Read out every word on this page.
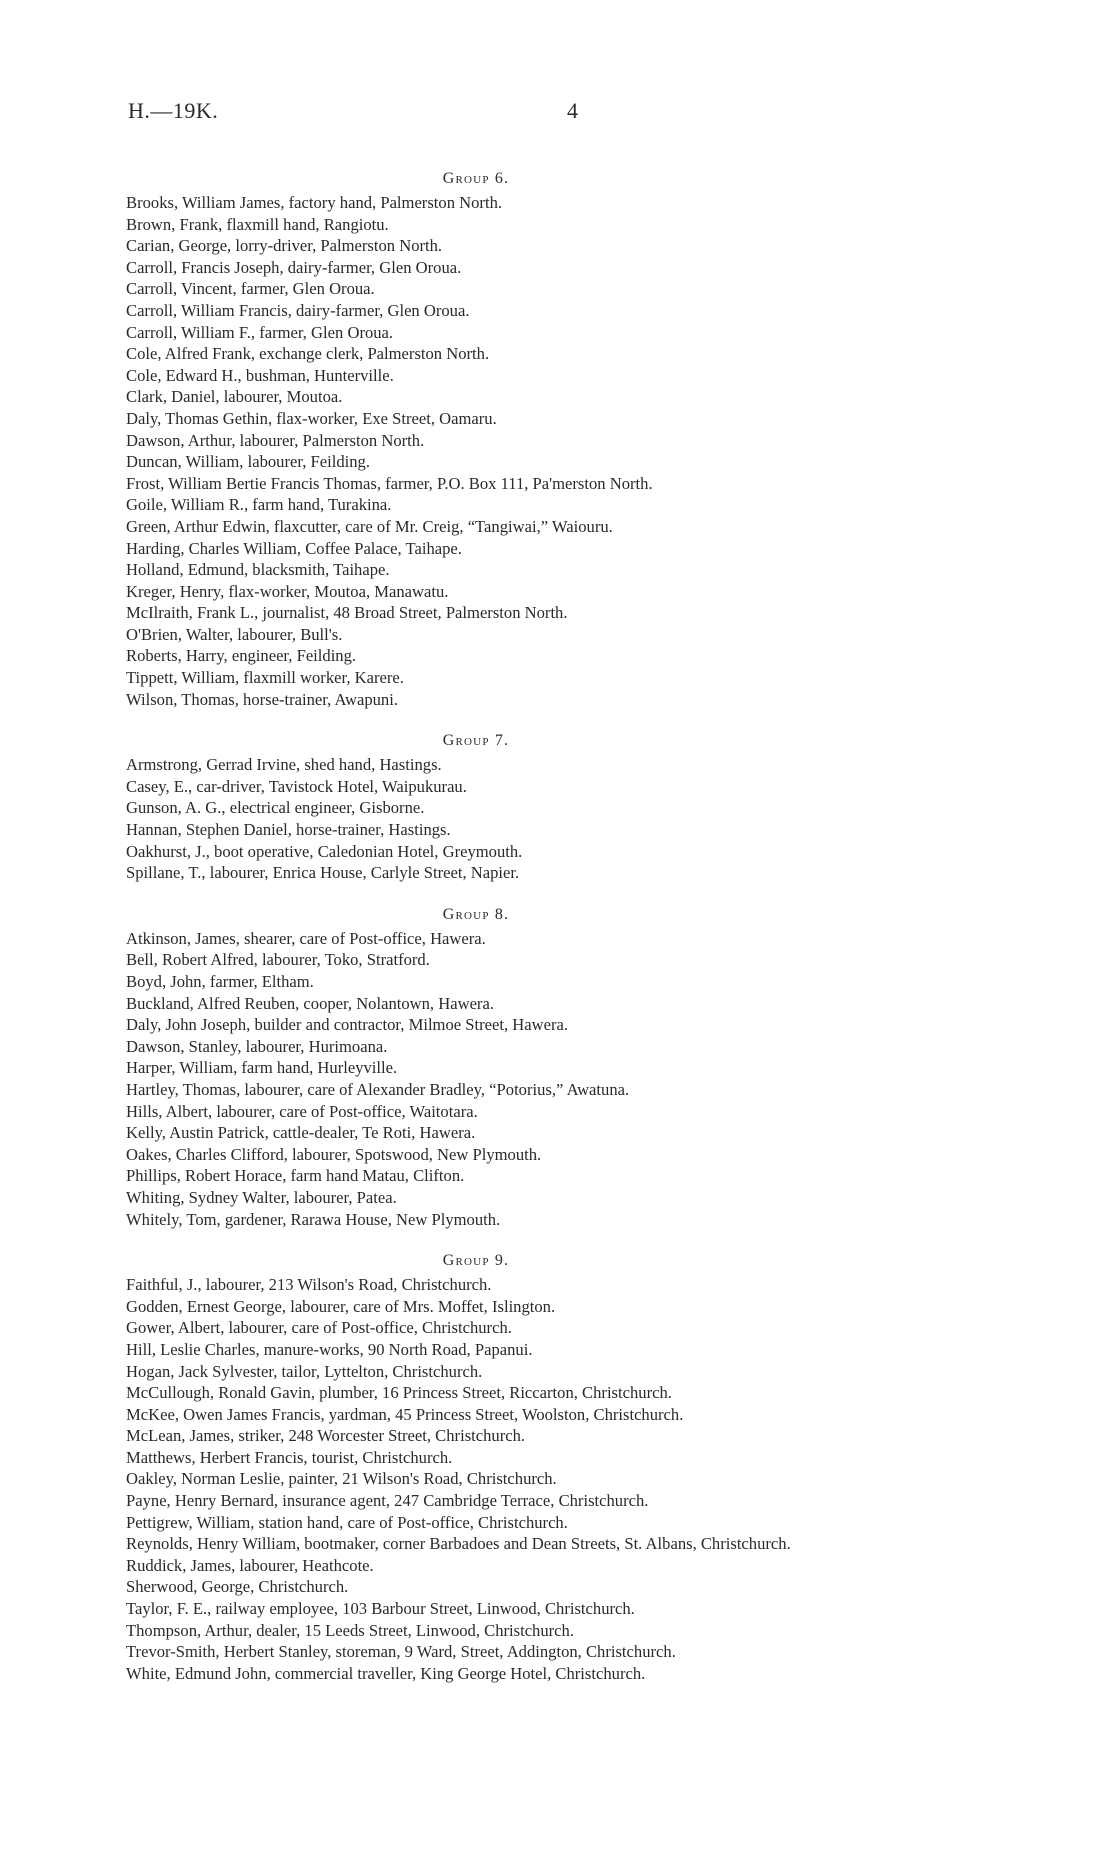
H.—19K.	4
Group 6.
Brooks, William James, factory hand, Palmerston North.
Brown, Frank, flaxmill hand, Rangiotu.
Carian, George, lorry-driver, Palmerston North.
Carroll, Francis Joseph, dairy-farmer, Glen Oroua.
Carroll, Vincent, farmer, Glen Oroua.
Carroll, William Francis, dairy-farmer, Glen Oroua.
Carroll, William F., farmer, Glen Oroua.
Cole, Alfred Frank, exchange clerk, Palmerston North.
Cole, Edward H., bushman, Hunterville.
Clark, Daniel, labourer, Moutoa.
Daly, Thomas Gethin, flax-worker, Exe Street, Oamaru.
Dawson, Arthur, labourer, Palmerston North.
Duncan, William, labourer, Feilding.
Frost, William Bertie Francis Thomas, farmer, P.O. Box 111, Pa'merston North.
Goile, William R., farm hand, Turakina.
Green, Arthur Edwin, flaxcutter, care of Mr. Creig, “Tangiwai,” Waiouru.
Harding, Charles William, Coffee Palace, Taihape.
Holland, Edmund, blacksmith, Taihape.
Kreger, Henry, flax-worker, Moutoa, Manawatu.
McIlraith, Frank L., journalist, 48 Broad Street, Palmerston North.
O'Brien, Walter, labourer, Bull's.
Roberts, Harry, engineer, Feilding.
Tippett, William, flaxmill worker, Karere.
Wilson, Thomas, horse-trainer, Awapuni.
Group 7.
Armstrong, Gerrad Irvine, shed hand, Hastings.
Casey, E., car-driver, Tavistock Hotel, Waipukurau.
Gunson, A. G., electrical engineer, Gisborne.
Hannan, Stephen Daniel, horse-trainer, Hastings.
Oakhurst, J., boot operative, Caledonian Hotel, Greymouth.
Spillane, T., labourer, Enrica House, Carlyle Street, Napier.
Group 8.
Atkinson, James, shearer, care of Post-office, Hawera.
Bell, Robert Alfred, labourer, Toko, Stratford.
Boyd, John, farmer, Eltham.
Buckland, Alfred Reuben, cooper, Nolantown, Hawera.
Daly, John Joseph, builder and contractor, Milmoe Street, Hawera.
Dawson, Stanley, labourer, Hurimoana.
Harper, William, farm hand, Hurleyville.
Hartley, Thomas, labourer, care of Alexander Bradley, “Potorius,” Awatuna.
Hills, Albert, labourer, care of Post-office, Waitotara.
Kelly, Austin Patrick, cattle-dealer, Te Roti, Hawera.
Oakes, Charles Clifford, labourer, Spotswood, New Plymouth.
Phillips, Robert Horace, farm hand Matau, Clifton.
Whiting, Sydney Walter, labourer, Patea.
Whitely, Tom, gardener, Rarawa House, New Plymouth.
Group 9.
Faithful, J., labourer, 213 Wilson's Road, Christchurch.
Godden, Ernest George, labourer, care of Mrs. Moffet, Islington.
Gower, Albert, labourer, care of Post-office, Christchurch.
Hill, Leslie Charles, manure-works, 90 North Road, Papanui.
Hogan, Jack Sylvester, tailor, Lyttelton, Christchurch.
McCullough, Ronald Gavin, plumber, 16 Princess Street, Riccarton, Christchurch.
McKee, Owen James Francis, yardman, 45 Princess Street, Woolston, Christchurch.
McLean, James, striker, 248 Worcester Street, Christchurch.
Matthews, Herbert Francis, tourist, Christchurch.
Oakley, Norman Leslie, painter, 21 Wilson's Road, Christchurch.
Payne, Henry Bernard, insurance agent, 247 Cambridge Terrace, Christchurch.
Pettigrew, William, station hand, care of Post-office, Christchurch.
Reynolds, Henry William, bootmaker, corner Barbadoes and Dean Streets, St. Albans, Christchurch.
Ruddick, James, labourer, Heathcote.
Sherwood, George, Christchurch.
Taylor, F. E., railway employee, 103 Barbour Street, Linwood, Christchurch.
Thompson, Arthur, dealer, 15 Leeds Street, Linwood, Christchurch.
Trevor-Smith, Herbert Stanley, storeman, 9 Ward, Street, Addington, Christchurch.
White, Edmund John, commercial traveller, King George Hotel, Christchurch.
